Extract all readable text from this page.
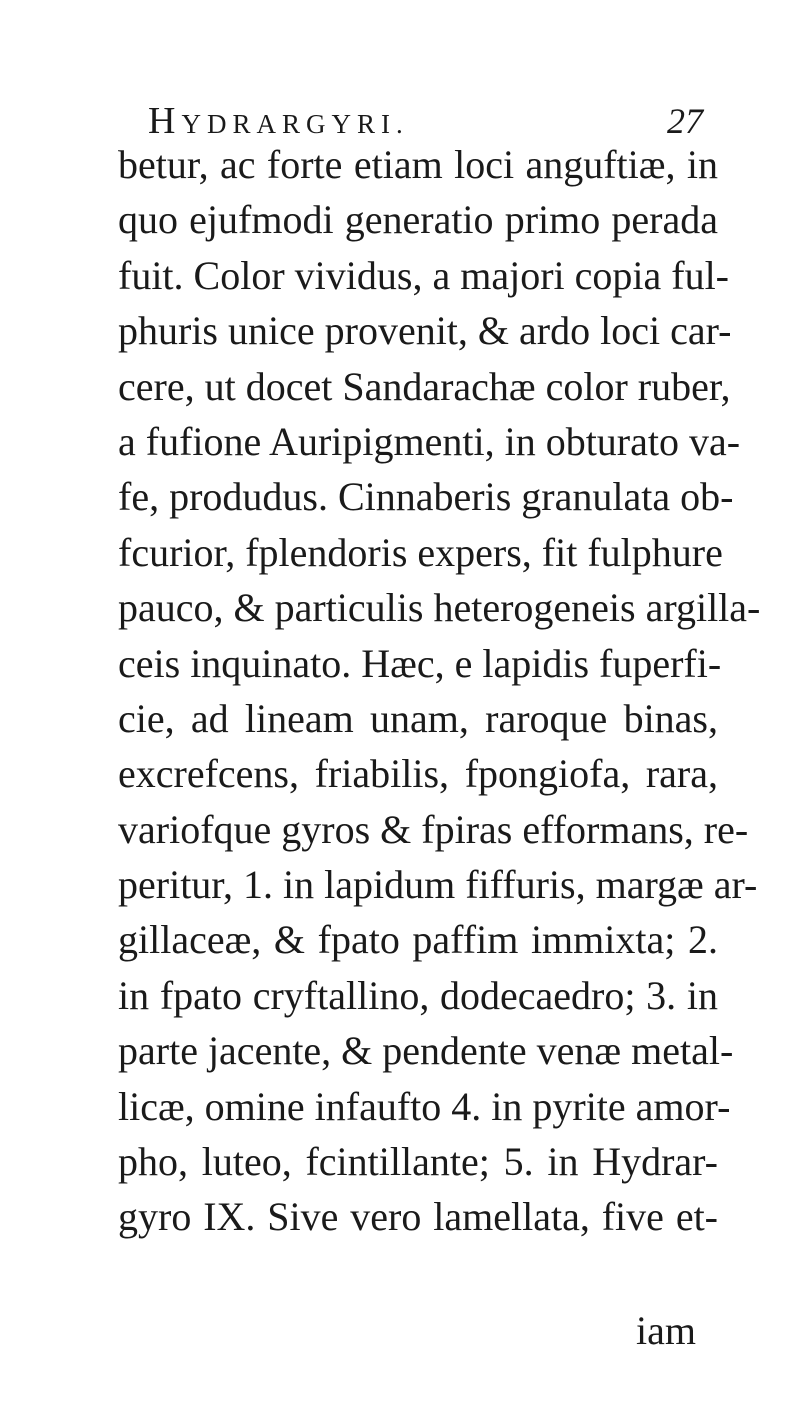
HYDRARGYRI.	27
betur, ac forte etiam loci anguftiæ, in
quo ejufmodi generatio primo perada
fuit. Color vividus, a majori copia ful-
phuris unice provenit, & ardo loci car-
cere, ut docet Sandarachæ color ruber,
a fufione Auripigmenti, in obturato va-
fe, produdus. Cinnaberis granulata ob-
fcurior, fplendoris expers, fit fulphure
pauco, & particulis heterogeneis argilla-
ceis inquinato. Hæc, e lapidis fuperfi-
cie, ad lineam unam, raroque binas,
excrefcens, friabilis, fpongiofa, rara,
variofque gyros & fpiras efformans, re-
peritur, 1. in lapidum fiffuris, margæ ar-
gillaceæ, & fpato paffim immixta; 2.
in fpato cryftallino, dodecaedro; 3. in
parte jacente, & pendente venæ metal-
licæ, omine infaufto 4. in pyrite amor-
pho, luteo, fcintillante; 5. in Hydrar-
gyro IX. Sive vero lamellata, five et-
iam
